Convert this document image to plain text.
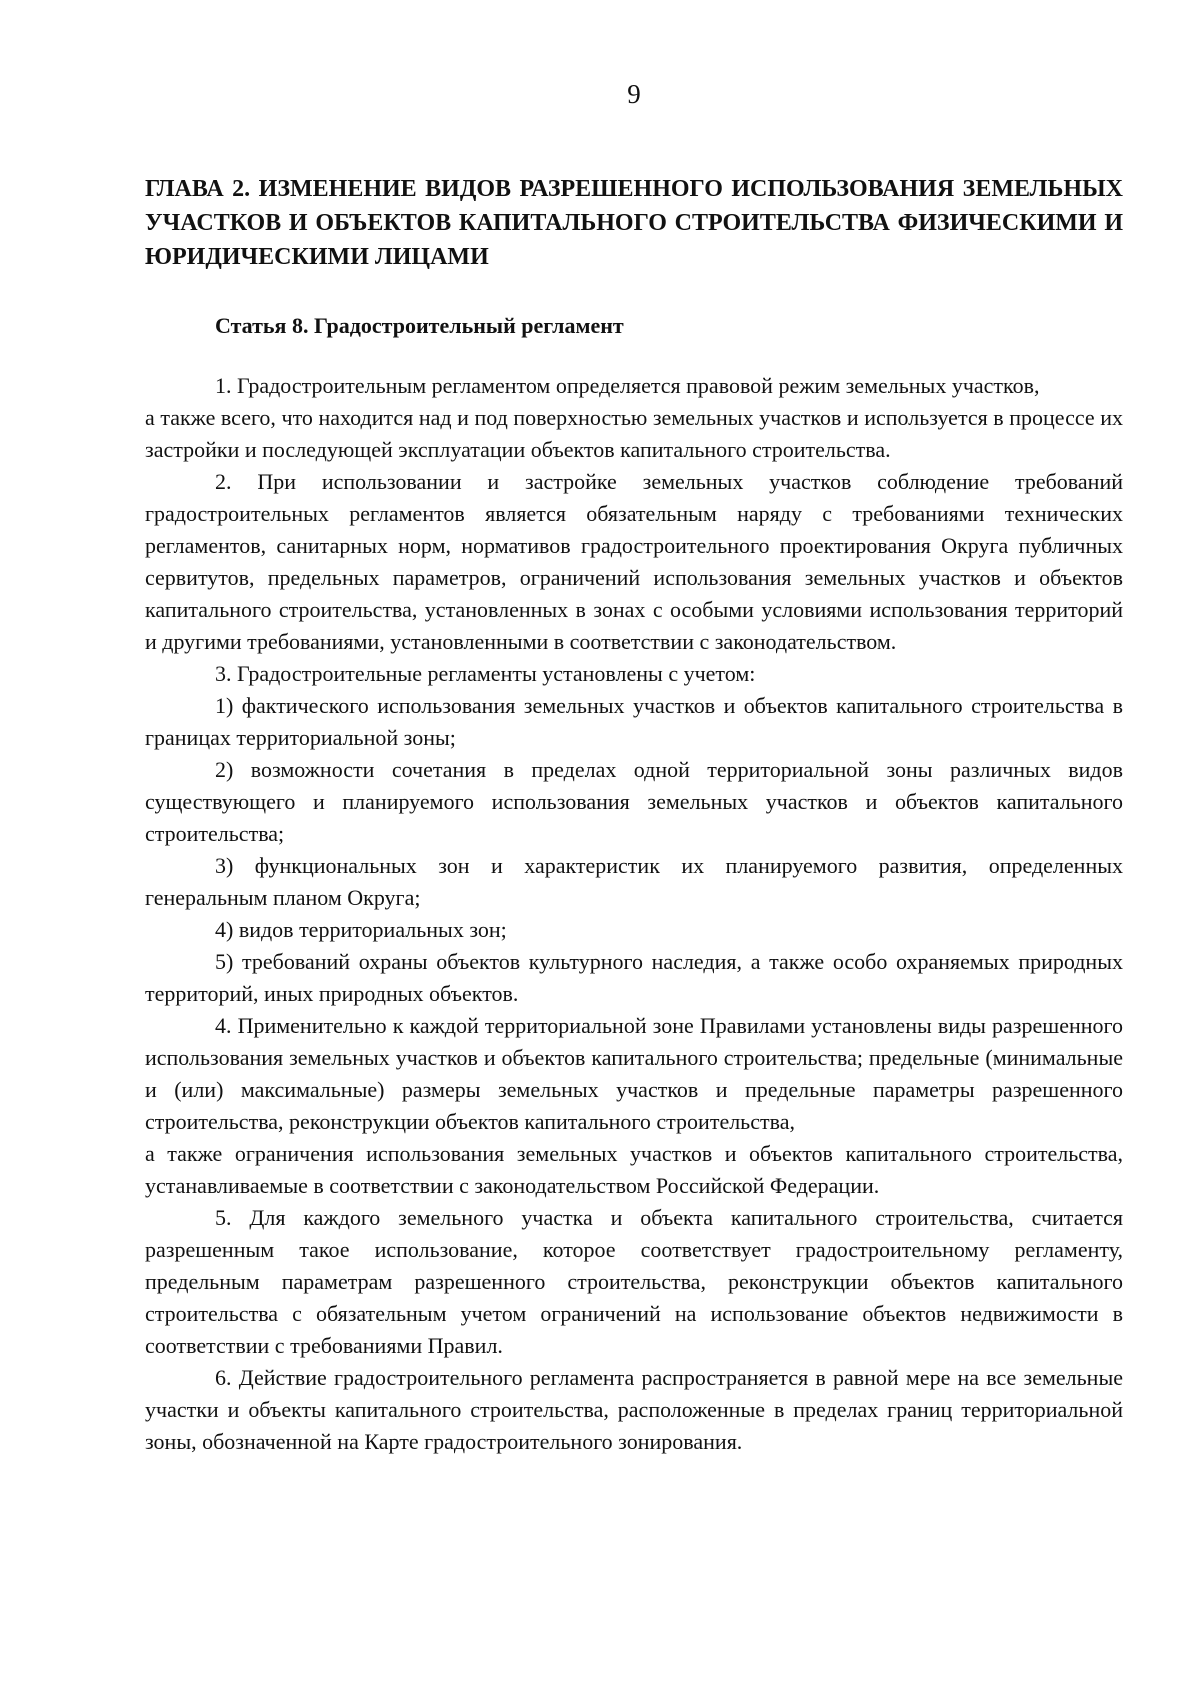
9
ГЛАВА 2. ИЗМЕНЕНИЕ ВИДОВ РАЗРЕШЕННОГО ИСПОЛЬЗОВАНИЯ ЗЕМЕЛЬНЫХ УЧАСТКОВ И ОБЪЕКТОВ КАПИТАЛЬНОГО СТРОИТЕЛЬСТВА ФИЗИЧЕСКИМИ И ЮРИДИЧЕСКИМИ ЛИЦАМИ
Статья 8. Градостроительный регламент

1. Градостроительным регламентом определяется правовой режим земельных участков,

а также всего, что находится над и под поверхностью земельных участков и используется в процессе их застройки и последующей эксплуатации объектов капитального строительства.

2. При использовании и застройке земельных участков соблюдение требований градостроительных регламентов является обязательным наряду с требованиями технических регламентов, санитарных норм, нормативов градостроительного проектирования Округа публичных сервитутов, предельных параметров, ограничений использования земельных участков и объектов капитального строительства, установленных в зонах с особыми условиями использования территорий и другими требованиями, установленными в соответствии с законодательством.

3. Градостроительные регламенты установлены с учетом:

1) фактического использования земельных участков и объектов капитального строительства в границах территориальной зоны;

2) возможности сочетания в пределах одной территориальной зоны различных видов существующего и планируемого использования земельных участков и объектов капитального строительства;

3) функциональных зон и характеристик их планируемого развития, определенных генеральным планом Округа;

4) видов территориальных зон;

5) требований охраны объектов культурного наследия, а также особо охраняемых природных территорий, иных природных объектов.

4. Применительно к каждой территориальной зоне Правилами установлены виды разрешенного использования земельных участков и объектов капитального строительства; предельные (минимальные и (или) максимальные) размеры земельных участков и предельные параметры разрешенного строительства, реконструкции объектов капитального строительства,

а также ограничения использования земельных участков и объектов капитального строительства, устанавливаемые в соответствии с законодательством Российской Федерации.

5. Для каждого земельного участка и объекта капитального строительства, считается разрешенным такое использование, которое соответствует градостроительному регламенту, предельным параметрам разрешенного строительства, реконструкции объектов капитального строительства с обязательным учетом ограничений на использование объектов недвижимости в соответствии с требованиями Правил.

6. Действие градостроительного регламента распространяется в равной мере на все земельные участки и объекты капитального строительства, расположенные в пределах границ территориальной зоны, обозначенной на Карте градостроительного зонирования.
